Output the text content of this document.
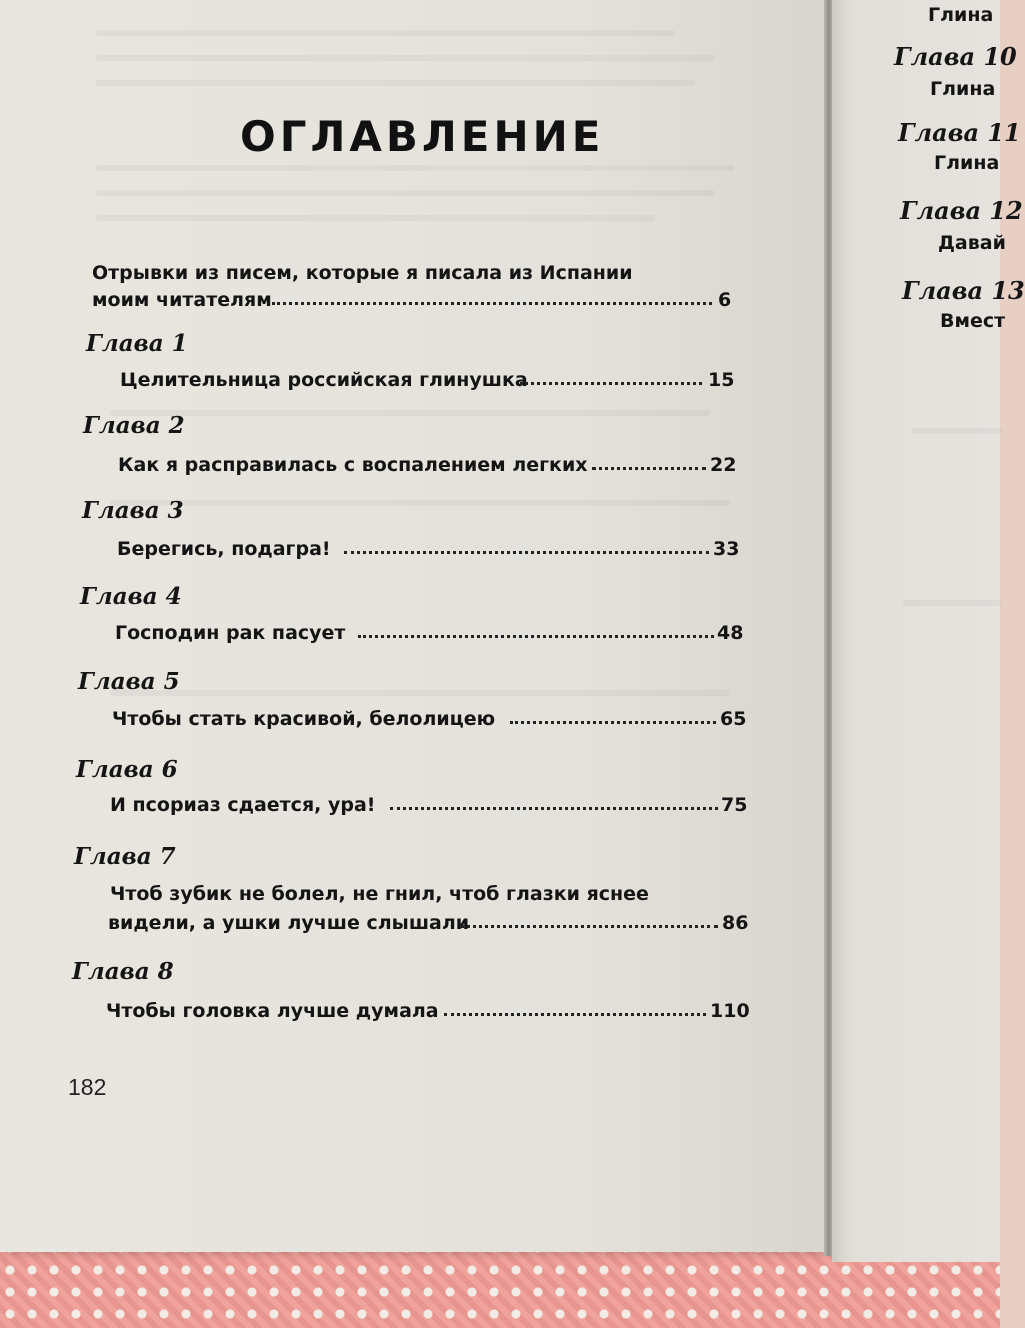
ОГЛАВЛЕНИЕ
Отрывки из писем, которые я писала из Испании
моим читателям	6
Глава 1
Целительница российская глинушка	15
Глава 2
Как я расправилась с воспалением легких	22
Глава 3
Берегись, подагра!	33
Глава 4
Господин рак пасует	48
Глава 5
Чтобы стать красивой, белолицею	65
Глава 6
И псориаз сдается, ура!	75
Глава 7
Чтоб зубик не болел, не гнил, чтоб глазки яснее
видели, а ушки лучше слышали	86
Глава 8
Чтобы головка лучше думала	110
182
Глина
Глава 10
Глина
Глава 11
Глина
Глава 12
Давай
Глава 13
Вмест
